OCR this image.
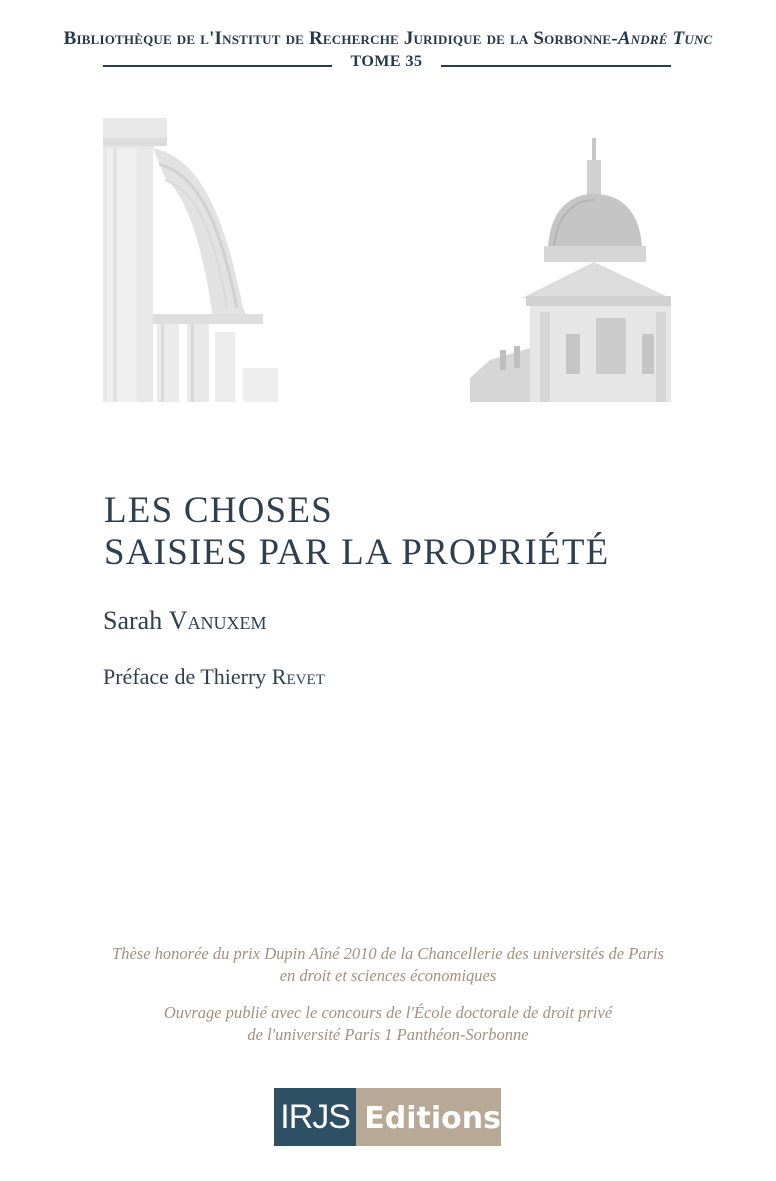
Bibliothèque de l'Institut de Recherche Juridique de la Sorbonne-André Tunc
TOME 35
LES CHOSES
SAISIES PAR LA PROPRIÉTÉ
Sarah Vanuxem
Préface de Thierry Revet
Thèse honorée du prix Dupin Aîné 2010 de la Chancellerie des universités de Paris
en droit et sciences économiques
Ouvrage publié avec le concours de l'École doctorale de droit privé
de l'université Paris 1 Panthéon-Sorbonne
IRJS Editions
